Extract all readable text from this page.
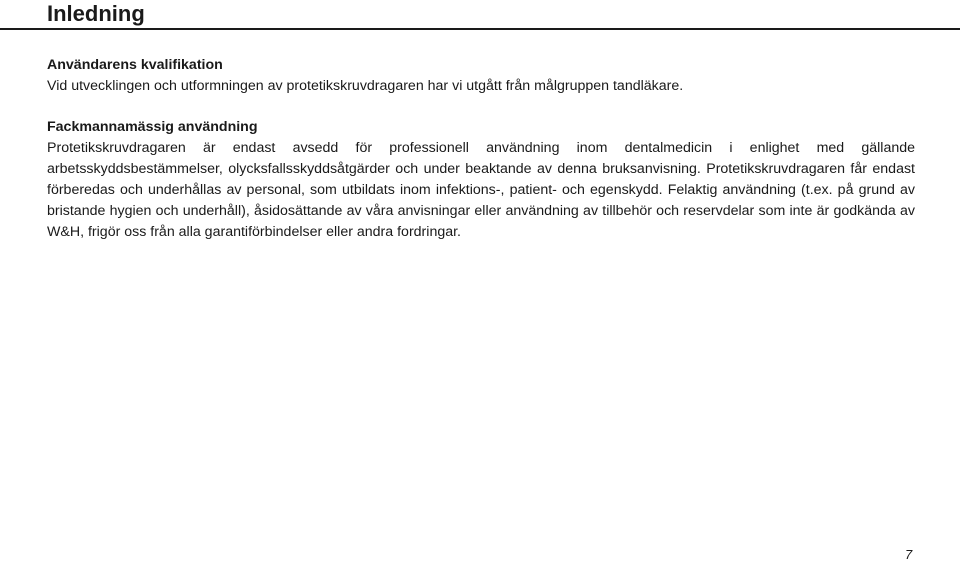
Inledning

Användarens kvalifikation

Vid utvecklingen och utformningen av protetikskruvdragaren har vi utgått från målgruppen tandläkare.

Fackmannamässig användning

Protetikskruvdragaren är endast avsedd för professionell användning inom dentalmedicin i enlighet med gällande arbetsskyddsbestämmelser, olycksfallsskyddsåtgärder och under beaktande av denna bruksanvisning. Protetikskruvdragaren får endast förberedas och underhållas av personal, som utbildats inom infektions-, patient- och egenskydd. Felaktig användning (t.ex. på grund av bristande hygien och underhåll), åsidosättande av våra anvisningar eller användning av tillbehör och reservdelar som inte är godkända av W&H, frigör oss från alla garantiförbindelser eller andra fordringar.

7
